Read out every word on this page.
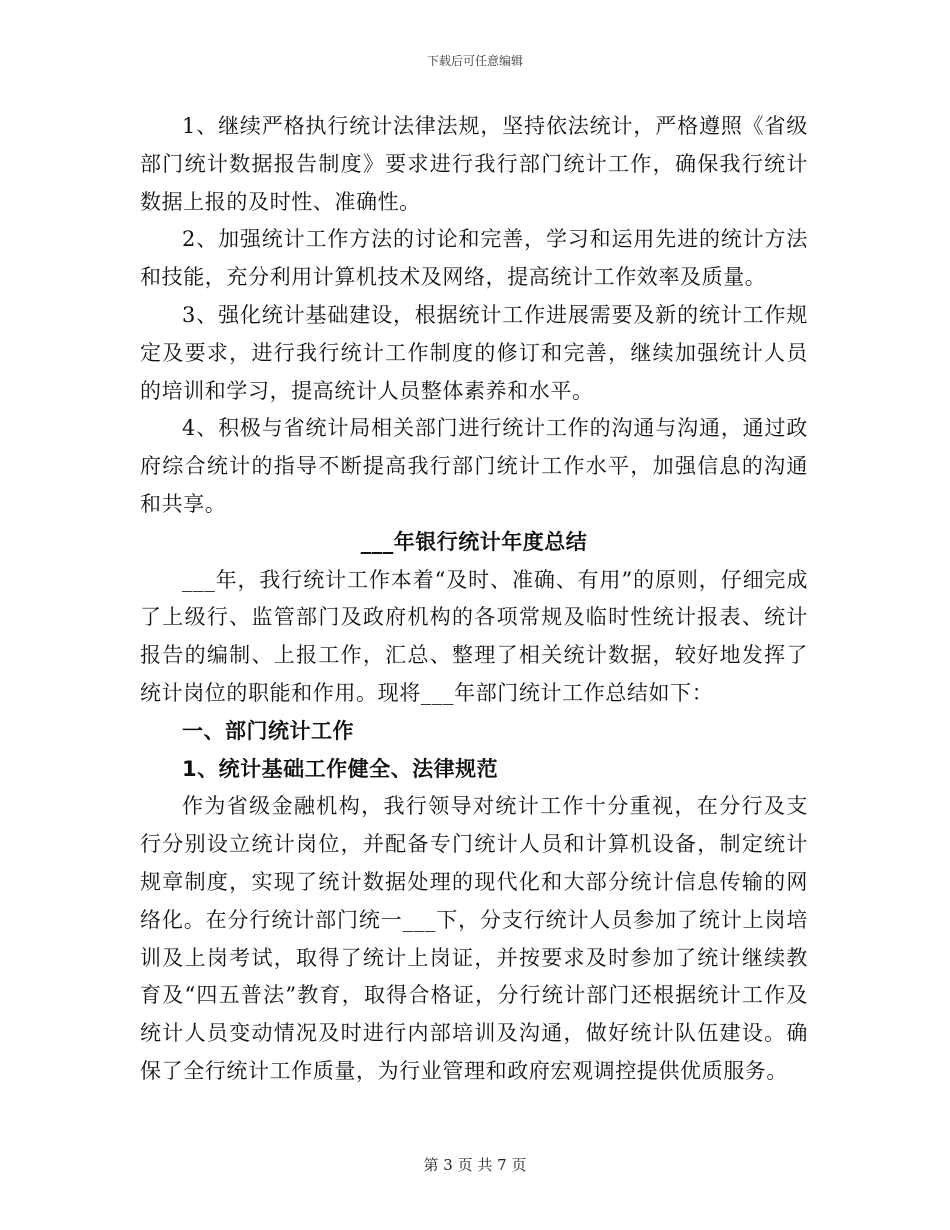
下载后可任意编辑

1、继续严格执行统计法律法规，坚持依法统计，严格遵照《省级部门统计数据报告制度》要求进行我行部门统计工作，确保我行统计数据上报的及时性、准确性。

2、加强统计工作方法的讨论和完善，学习和运用先进的统计方法和技能，充分利用计算机技术及网络，提高统计工作效率及质量。

3、强化统计基础建设，根据统计工作进展需要及新的统计工作规定及要求，进行我行统计工作制度的修订和完善，继续加强统计人员的培训和学习，提高统计人员整体素养和水平。

4、积极与省统计局相关部门进行统计工作的沟通与沟通，通过政府综合统计的指导不断提高我行部门统计工作水平，加强信息的沟通和共享。

___年银行统计年度总结

___年，我行统计工作本着“及时、准确、有用”的原则，仔细完成了上级行、监管部门及政府机构的各项常规及临时性统计报表、统计报告的编制、上报工作，汇总、整理了相关统计数据，较好地发挥了统计岗位的职能和作用。现将___年部门统计工作总结如下：

一、部门统计工作

1、统计基础工作健全、法律规范

作为省级金融机构，我行领导对统计工作十分重视，在分行及支行分别设立统计岗位，并配备专门统计人员和计算机设备，制定统计规章制度，实现了统计数据处理的现代化和大部分统计信息传输的网络化。在分行统计部门统一___下，分支行统计人员参加了统计上岗培训及上岗考试，取得了统计上岗证，并按要求及时参加了统计继续教育及“四五普法”教育，取得合格证，分行统计部门还根据统计工作及统计人员变动情况及时进行内部培训及沟通，做好统计队伍建设。确保了全行统计工作质量，为行业管理和政府宏观调控提供优质服务。

第 3 页 共 7 页
